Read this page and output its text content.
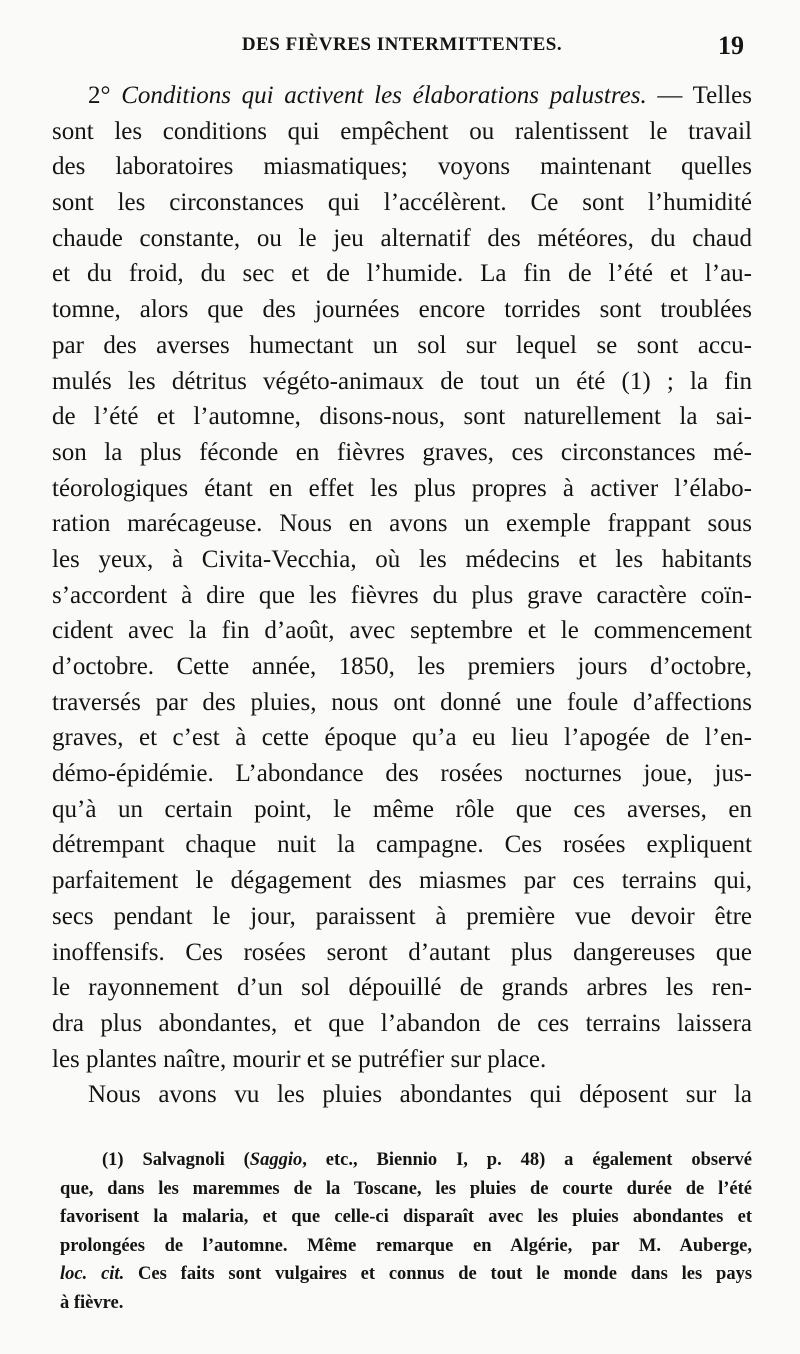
DES FIÈVRES INTERMITTENTES.	19
2° Conditions qui activent les élaborations palustres. — Telles
sont les conditions qui empêchent ou ralentissent le travail
des laboratoires miasmatiques; voyons maintenant quelles
sont les circonstances qui l’accélèrent. Ce sont l’humidité
chaude constante, ou le jeu alternatif des météores, du chaud
et du froid, du sec et de l’humide. La fin de l’été et l’au-
tomne, alors que des journées encore torrides sont troublées
par des averses humectant un sol sur lequel se sont accu-
mulés les détritus végéto-animaux de tout un été (1) ; la fin
de l’été et l’automne, disons-nous, sont naturellement la sai-
son la plus féconde en fièvres graves, ces circonstances mé-
téorologiques étant en effet les plus propres à activer l’élabo-
ration marécageuse. Nous en avons un exemple frappant sous
les yeux, à Civita-Vecchia, où les médecins et les habitants
s’accordent à dire que les fièvres du plus grave caractère coïn-
cident avec la fin d’août, avec septembre et le commencement
d’octobre. Cette année, 1850, les premiers jours d’octobre,
traversés par des pluies, nous ont donné une foule d’affections
graves, et c’est à cette époque qu’a eu lieu l’apogée de l’en-
démo-épidémie. L’abondance des rosées nocturnes joue, jus-
qu’à un certain point, le même rôle que ces averses, en
détrempant chaque nuit la campagne. Ces rosées expliquent
parfaitement le dégagement des miasmes par ces terrains qui,
secs pendant le jour, paraissent à première vue devoir être
inoffensifs. Ces rosées seront d’autant plus dangereuses que
le rayonnement d’un sol dépouillé de grands arbres les ren-
dra plus abondantes, et que l’abandon de ces terrains laissera
les plantes naître, mourir et se putréfier sur place.
Nous avons vu les pluies abondantes qui déposent sur la
(1) Salvagnoli (Saggio, etc., Biennio I, p. 48) a également observé
que, dans les maremmes de la Toscane, les pluies de courte durée de l’été
favorisent la malaria, et que celle-ci disparaît avec les pluies abondantes et
prolongées de l’automne. Même remarque en Algérie, par M. Auberge,
loc. cit. Ces faits sont vulgaires et connus de tout le monde dans les pays
à fièvre.
